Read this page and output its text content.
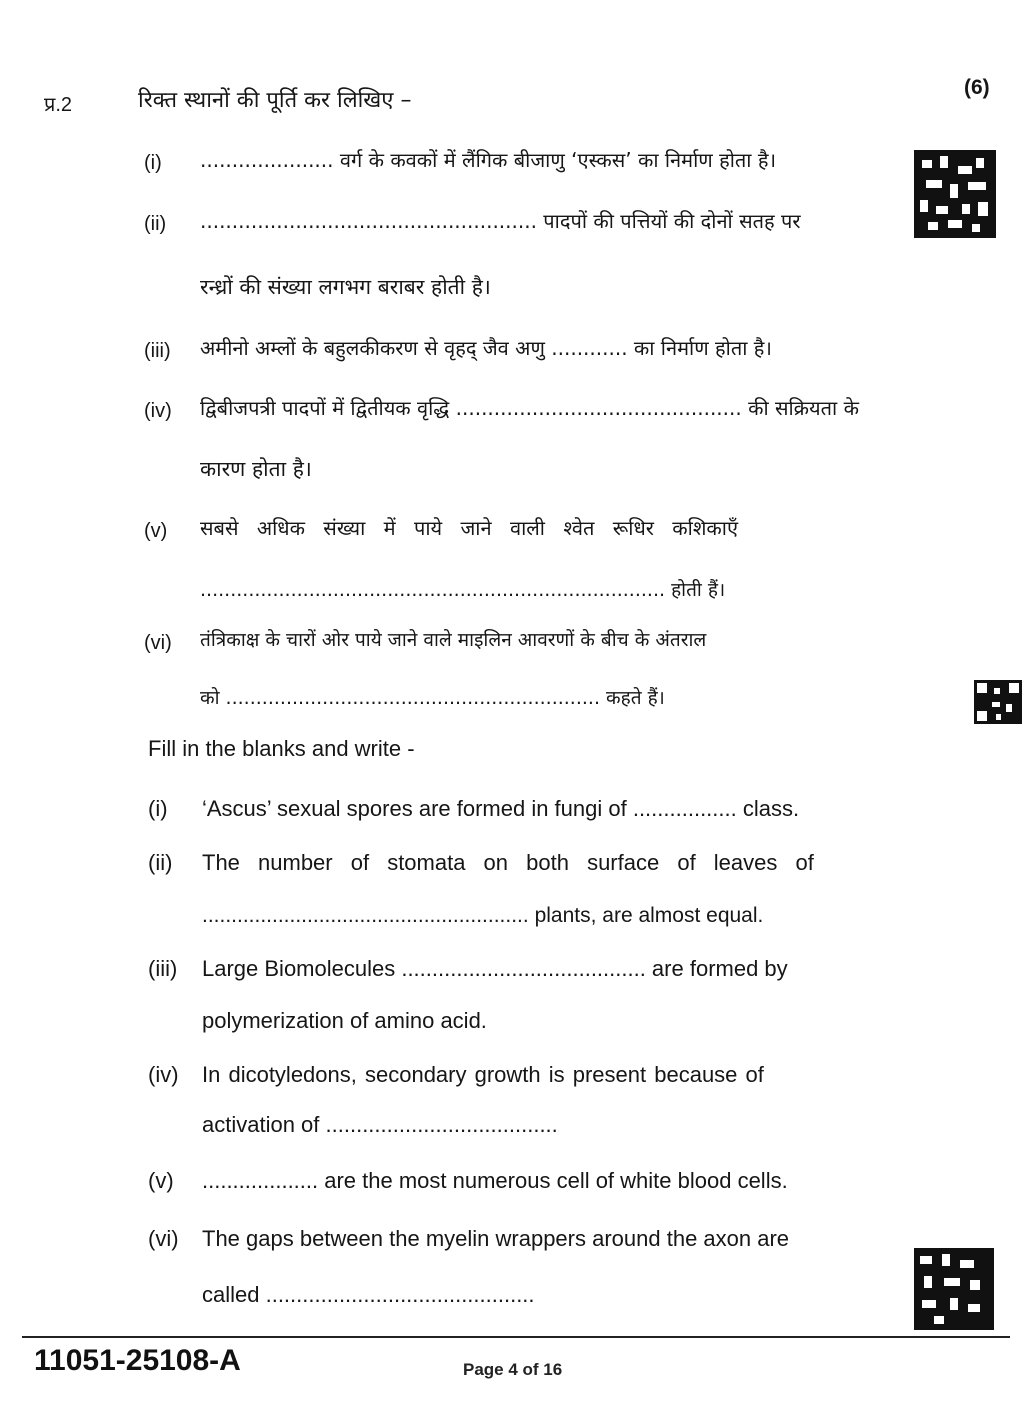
प्र.2	रिक्त स्थानों की पूर्ति कर लिखिए –
(6)
(i) ..................... वर्ग के कवकों में लैंगिक बीजाणु ‘एस्कस’ का निर्माण होता है।
(ii) ..................................................... पादपों की पत्तियों की दोनों सतह पर
रन्ध्रों की संख्या लगभग बराबर होती है।
(iii) अमीनो अम्लों के बहुलकीकरण से वृहद् जैव अणु ............ का निर्माण होता है।
(iv) द्विबीजपत्री पादपों में द्वितीयक वृद्धि ............................................. की सक्रियता के
कारण होता है।
(v) सबसे अधिक संख्या में पाये जाने वाली श्वेत रूधिर कशिकाएँ
............................................................................. होती हैं।
(vi) तंत्रिकाक्ष के चारों ओर पाये जाने वाले माइलिन आवरणों के बीच के अंतराल
को .............................................................. कहते हैं।
Fill in the blanks and write -
(i) ‘Ascus’ sexual spores are formed in fungi of ................. class.
(ii) The number of stomata on both surface of leaves of
........................................................ plants, are almost equal.
(iii) Large Biomolecules ........................................ are formed by
polymerization of amino acid.
(iv) In dicotyledons, secondary growth is present because of
activation of ......................................
(v) ................... are the most numerous cell of white blood cells.
(vi) The gaps between the myelin wrappers around the axon are
called ............................................
11051-25108-A	Page 4 of 16
